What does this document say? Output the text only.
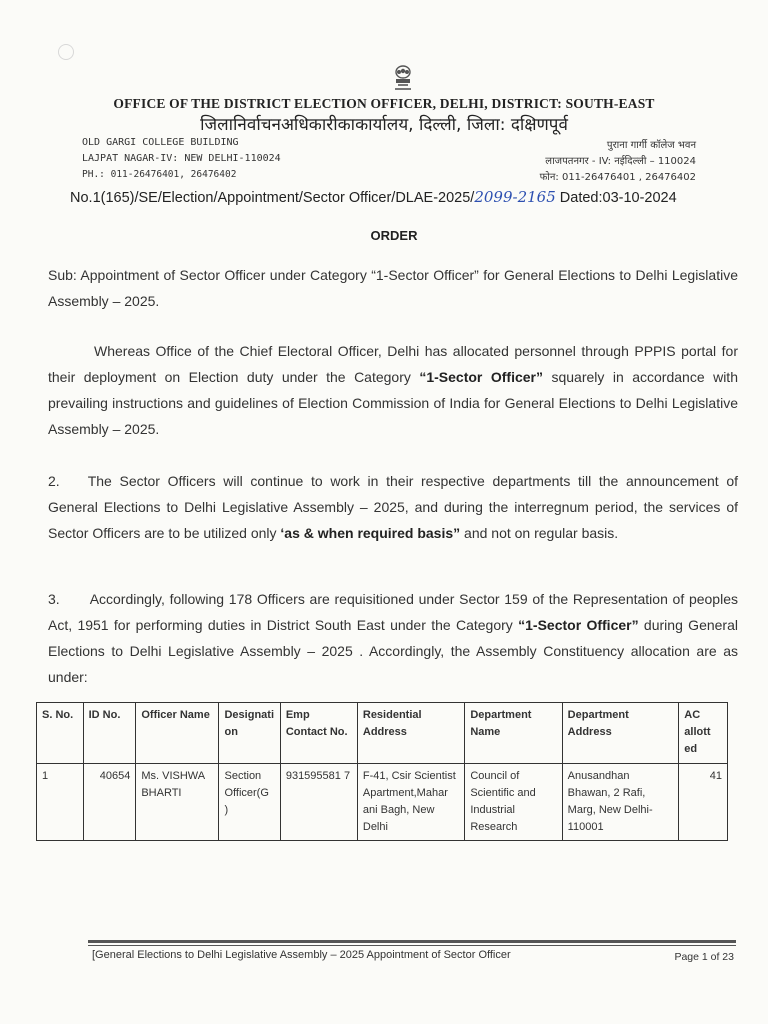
OFFICE OF THE DISTRICT ELECTION OFFICER, DELHI, DISTRICT: SOUTH-EAST
जिलानिर्वाचनअधिकारीकाकार्यालय, दिल्ली, जिला: दक्षिणपूर्व
OLD GARGI COLLEGE BUILDING
LAJPAT NAGAR-IV: NEW DELHI-110024
PH.: 011-26476401, 26476402
पुराना गार्गी कॉलेज भवन
लाजपतनगर - IV: नईदिल्ली – 110024
फोन: 011-26476401 , 26476402
No.1(165)/SE/Election/Appointment/Sector Officer/DLAE-2025/2099-2165 Dated:03-10-2024
ORDER
Sub: Appointment of Sector Officer under Category “1-Sector Officer” for General Elections to Delhi Legislative Assembly – 2025.
Whereas Office of the Chief Electoral Officer, Delhi has allocated personnel through PPPIS portal for their deployment on Election duty under the Category “1-Sector Officer” squarely in accordance with prevailing instructions and guidelines of Election Commission of India for General Elections to Delhi Legislative Assembly – 2025.
2. The Sector Officers will continue to work in their respective departments till the announcement of General Elections to Delhi Legislative Assembly – 2025, and during the interregnum period, the services of Sector Officers are to be utilized only ‘as & when required basis” and not on regular basis.
3. Accordingly, following 178 Officers are requisitioned under Sector 159 of the Representation of peoples Act, 1951 for performing duties in District South East under the Category “1-Sector Officer” during General Elections to Delhi Legislative Assembly – 2025 . Accordingly, the Assembly Constituency allocation are as under:
S. No.	ID No.	Officer Name	Designati on	Emp Contact No.	Residential Address	Department Name	Department Address	AC allott ed
1	40654	Ms. VISHWA BHARTI	Section Officer(G )	931595581 7	F-41, Csir Scientist Apartment,Mahar ani Bagh, New Delhi	Council of Scientific and Industrial Research	Anusandhan Bhawan, 2 Rafi, Marg, New Delhi-110001	41
[General Elections to Delhi Legislative Assembly – 2025 Appointment of Sector Officer	Page 1 of 23
